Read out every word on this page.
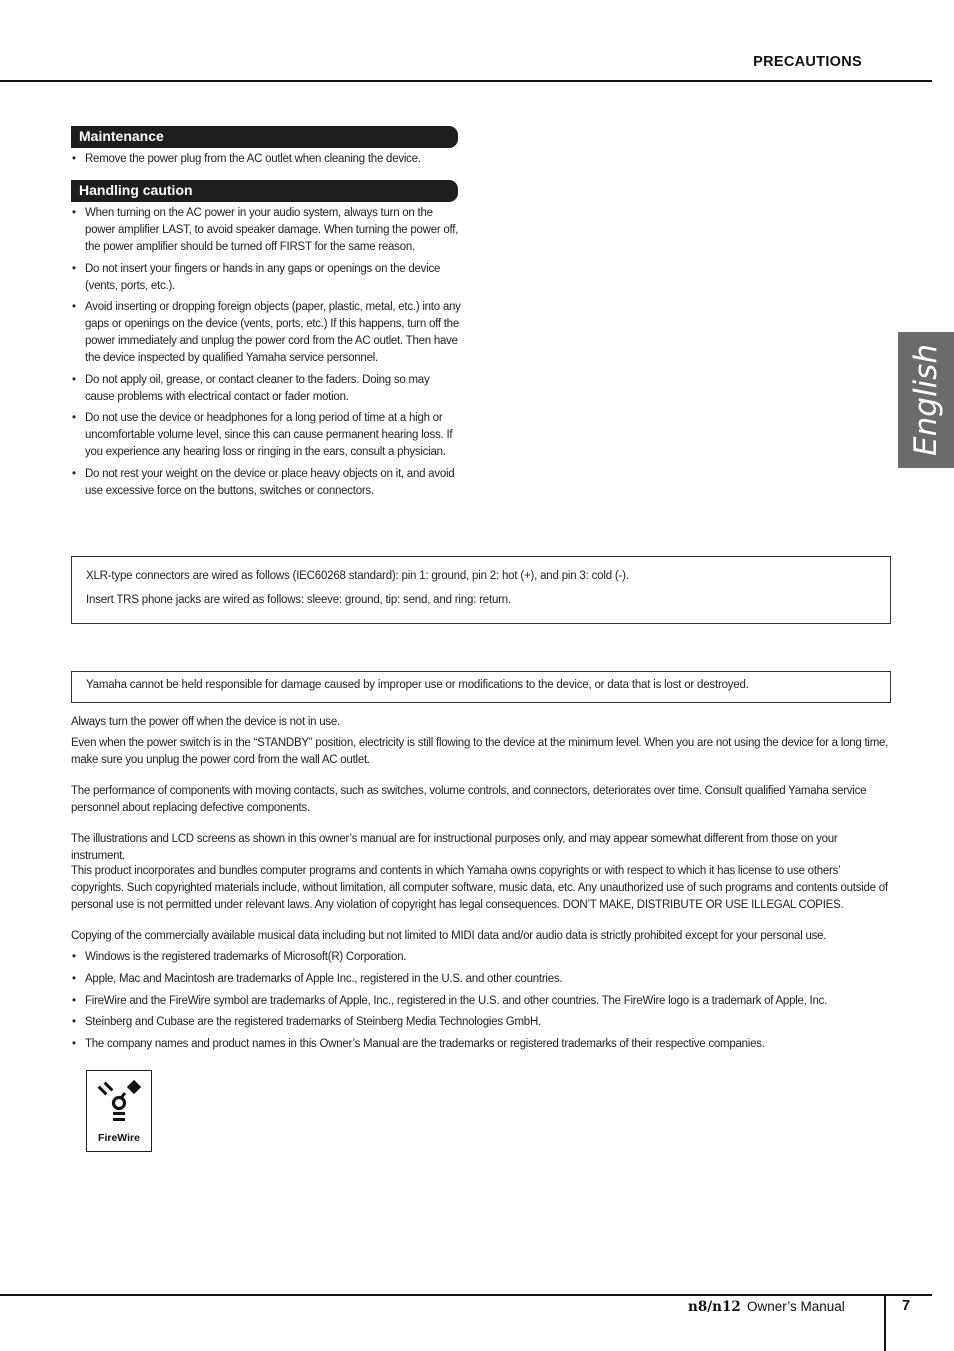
PRECAUTIONS
English
Maintenance
• Remove the power plug from the AC outlet when cleaning the device.
Handling caution
• When turning on the AC power in your audio system, always turn on the power amplifier LAST, to avoid speaker damage. When turning the power off, the power amplifier should be turned off FIRST for the same reason.
• Do not insert your fingers or hands in any gaps or openings on the device (vents, ports, etc.).
• Avoid inserting or dropping foreign objects (paper, plastic, metal, etc.) into any gaps or openings on the device (vents, ports, etc.) If this happens, turn off the power immediately and unplug the power cord from the AC outlet. Then have the device inspected by qualified Yamaha service personnel.
• Do not apply oil, grease, or contact cleaner to the faders. Doing so may cause problems with electrical contact or fader motion.
• Do not use the device or headphones for a long period of time at a high or uncomfortable volume level, since this can cause permanent hearing loss. If you experience any hearing loss or ringing in the ears, consult a physician.
• Do not rest your weight on the device or place heavy objects on it, and avoid use excessive force on the buttons, switches or connectors.

XLR-type connectors are wired as follows (IEC60268 standard): pin 1: ground, pin 2: hot (+), and pin 3: cold (-).

Insert TRS phone jacks are wired as follows: sleeve: ground, tip: send, and ring: return.

Yamaha cannot be held responsible for damage caused by improper use or modifications to the device, or data that is lost or destroyed.

Always turn the power off when the device is not in use.

Even when the power switch is in the “STANDBY” position, electricity is still flowing to the device at the minimum level. When you are not using the device for a long time, make sure you unplug the power cord from the wall AC outlet.

The performance of components with moving contacts, such as switches, volume controls, and connectors, deteriorates over time. Consult qualified Yamaha service personnel about replacing defective components.

The illustrations and LCD screens as shown in this owner’s manual are for instructional purposes only, and may appear somewhat different from those on your instrument.

This product incorporates and bundles computer programs and contents in which Yamaha owns copyrights or with respect to which it has license to use others’ copyrights. Such copyrighted materials include, without limitation, all computer software, music data, etc. Any unauthorized use of such programs and contents outside of personal use is not permitted under relevant laws. Any violation of copyright has legal consequences. DON’T MAKE, DISTRIBUTE OR USE ILLEGAL COPIES.

Copying of the commercially available musical data including but not limited to MIDI data and/or audio data is strictly prohibited except for your personal use.

• Windows is the registered trademarks of Microsoft(R) Corporation.
• Apple, Mac and Macintosh are trademarks of Apple Inc., registered in the U.S. and other countries.
• FireWire and the FireWire symbol are trademarks of Apple, Inc., registered in the U.S. and other countries. The FireWire logo is a trademark of Apple, Inc.
• Steinberg and Cubase are the registered trademarks of Steinberg Media Technologies GmbH.
• The company names and product names in this Owner’s Manual are the trademarks or registered trademarks of their respective companies.
FireWire
n8/n12 Owner’s Manual	7
